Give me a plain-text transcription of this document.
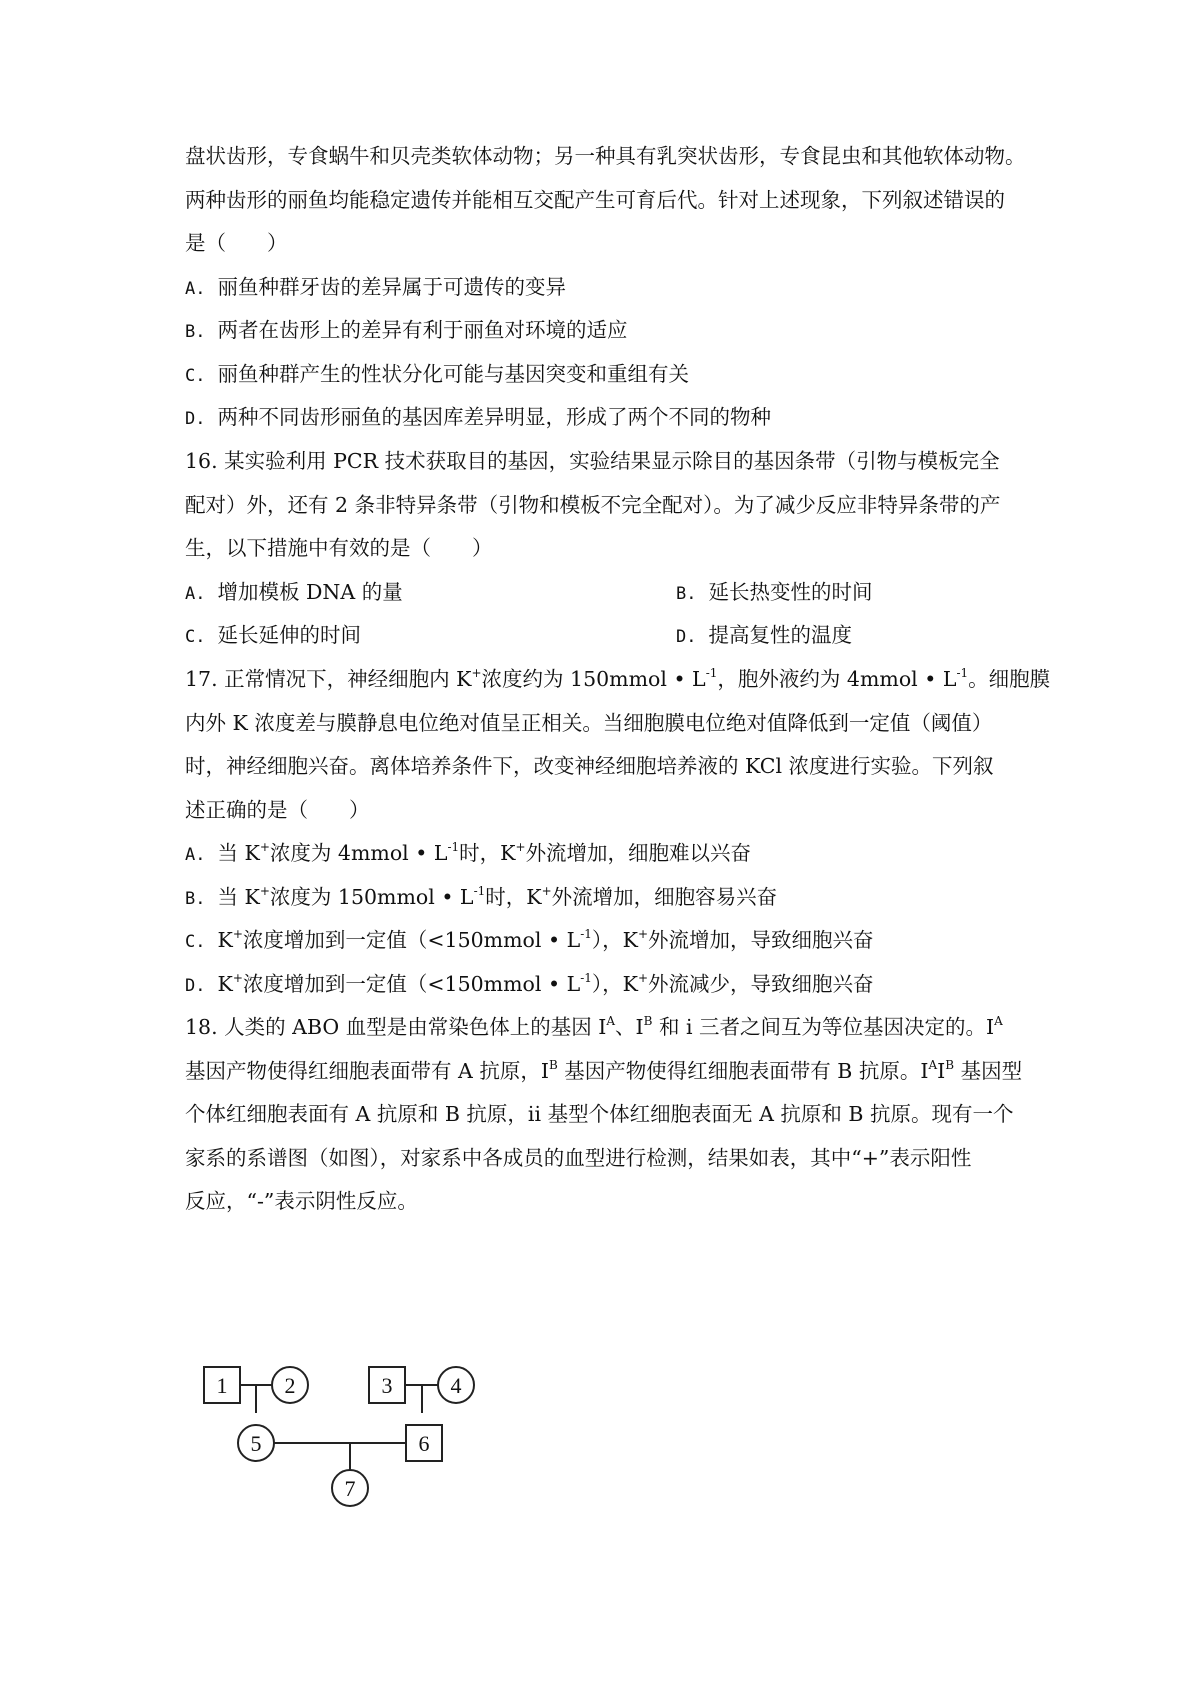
盘状齿形，专食蜗牛和贝壳类软体动物；另一种具有乳突状齿形，专食昆虫和其他软体动物。
两种齿形的丽鱼均能稳定遗传并能相互交配产生可育后代。针对上述现象，下列叙述错误的
是（　　）
A. 丽鱼种群牙齿的差异属于可遗传的变异
B. 两者在齿形上的差异有利于丽鱼对环境的适应
C. 丽鱼种群产生的性状分化可能与基因突变和重组有关
D. 两种不同齿形丽鱼的基因库差异明显，形成了两个不同的物种
16. 某实验利用 PCR 技术获取目的基因，实验结果显示除目的基因条带（引物与模板完全
配对）外，还有 2 条非特异条带（引物和模板不完全配对）。为了减少反应非特异条带的产
生，以下措施中有效的是（　　）
A. 增加模板 DNA 的量	B. 延长热变性的时间
C. 延长延伸的时间	D. 提高复性的温度
17. 正常情况下，神经细胞内 K+浓度约为 150mmol • $L^{-1}$，胞外液约为 4mmol • $L^{-1}$。细胞膜
内外 K 浓度差与膜静息电位绝对值呈正相关。当细胞膜电位绝对值降低到一定值（阈值）
时，神经细胞兴奋。离体培养条件下，改变神经细胞培养液的 KCl 浓度进行实验。下列叙
述正确的是（　　）
A. 当 K+浓度为 4mmol • $L^{-1}$时，K+外流增加，细胞难以兴奋
B. 当 K+浓度为 150mmol • $L^{-1}$时，K+外流增加，细胞容易兴奋
C. K+浓度增加到一定值（<150mmol • $L^{-1}$），K+外流增加，导致细胞兴奋
D. K+浓度增加到一定值（<150mmol • $L^{-1}$），K+外流减少，导致细胞兴奋
18. 人类的 ABO 血型是由常染色体上的基因 $I^A$、$I^B$ 和 i 三者之间互为等位基因决定的。$I^A$
基因产物使得红细胞表面带有 A 抗原，$I^B$ 基因产物使得红细胞表面带有 B 抗原。$I^AI^B$ 基因型
个体红细胞表面有 A 抗原和 B 抗原，ii 基型个体红细胞表面无 A 抗原和 B 抗原。现有一个
家系的系谱图（如图），对家系中各成员的血型进行检测，结果如表，其中“+”表示阳性
反应，“-”表示阴性反应。
1	2	3	4
5	6
7
